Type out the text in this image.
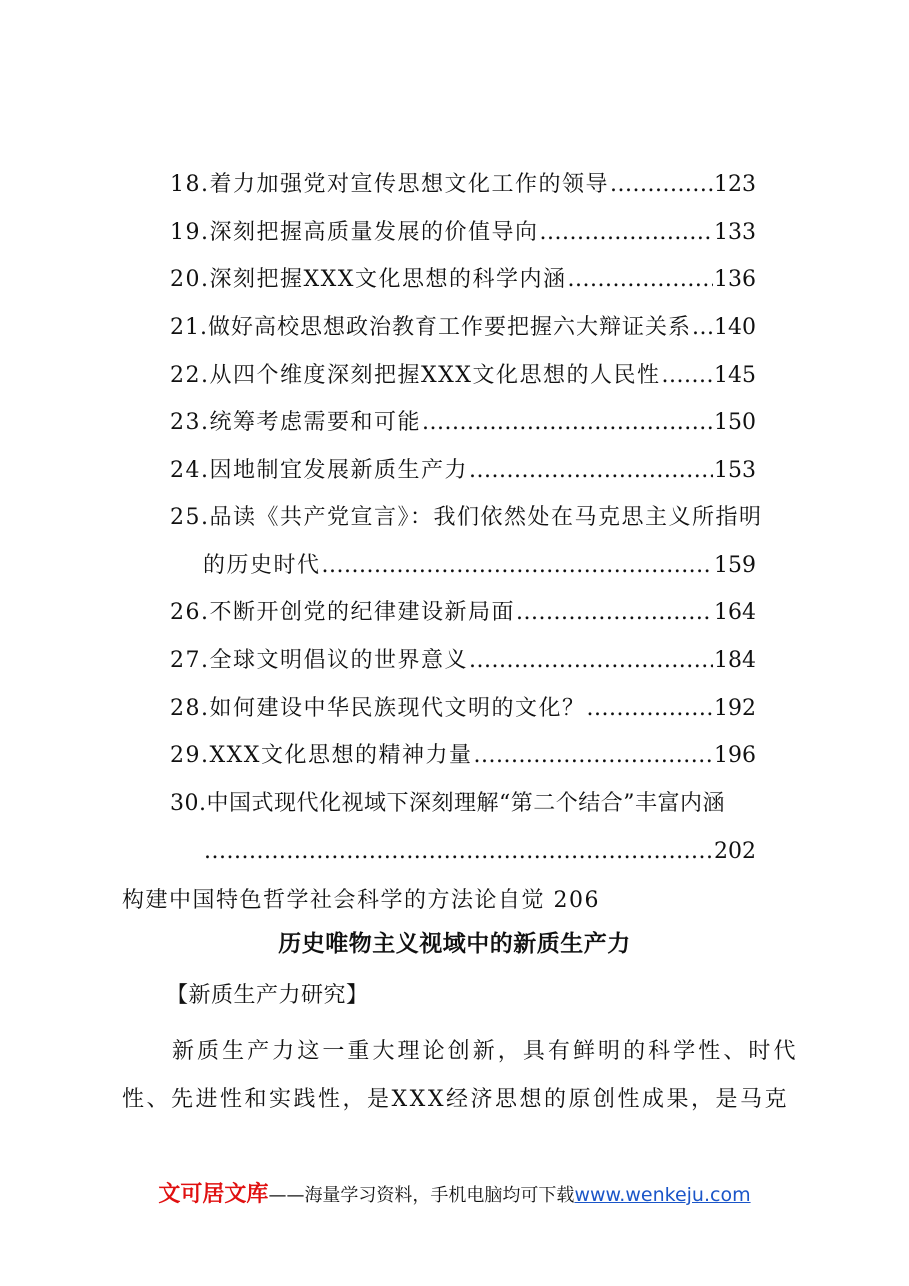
18.着力加强党对宣传思想文化工作的领导 .....	123
19.深刻把握高质量发展的价值导向 .....	133
20.深刻把握XXX文化思想的科学内涵 .....	136
21.做好高校思想政治教育工作要把握六大辩证关系 ..... 140
22.从四个维度深刻把握XXX文化思想的人民性 ..... 145
23.统筹考虑需要和可能 .....	150
24.因地制宜发展新质生产力 .....	153
25.品读《共产党宣言》：我们依然处在马克思主义所指明
的历史时代 .....	159
26.不断开创党的纪律建设新局面 .....	164
27.全球文明倡议的世界意义 .....	184
28.如何建设中华民族现代文明的文化？ .....	192
29.XXX文化思想的精神力量 .....	196
30.中国式现代化视域下深刻理解“第二个结合”丰富内涵
.....
202
构建中国特色哲学社会科学的方法论自觉 206
历史唯物主义视域中的新质生产力
【新质生产力研究】
新质生产力这一重大理论创新，具有鲜明的科学性、时代性、先进性和实践性，是XXX经济思想的原创性成果，是马克
文可居文库——海量学习资料，手机电脑均可下载www.wenkeju.com
